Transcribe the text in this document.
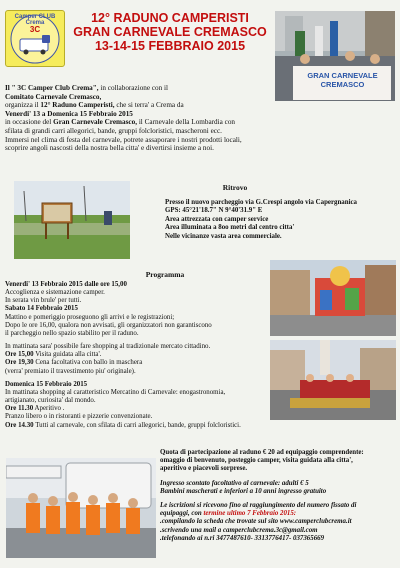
3C
Camper CLUB Crema	12° RADUNO CAMPERISTI
GRAN CARNEVALE CREMASCO
13-14-15 FEBBRAIO 2015
GRAN CARNEVALE
CREMASCO
Il " 3C Camper Club Crema", in collaborazione con il
Comitato Carnevale Cremasco,
organizza il 12° Raduno Camperisti, che si terra' a Crema da
Venerdi' 13 a Domenica 15 Febbraio 2015
in occasione del Gran Carnevale Cremasco, il Carnevale della Lombardia con
sfilata di grandi carri allegorici, bande, gruppi folcloristici, mascheroni ecc.
Immersi nel clima di festa del carnevale, potrete assaporare i nostri prodotti locali,
scoprire angoli nascosti della nostra bella citta' e divertirsi insieme a noi.
Ritrovo
Presso il nuovo parcheggio via G.Crespi angolo via Capergnanica
GPS: 45°21'18.7" N 9°40'31.9" E
Area attrezzata con camper service
Area illuminata a 8oo metri dal centro citta'
Nelle vicinanze vasta area commerciale.
Programma

Venerdi' 13 Febbraio 2015 dalle ore 15,00

Accoglienza e sistemazione camper.

In serata vin brule' per tutti.

Sabato 14 Febbraio 2015

Mattino e pomeriggio proseguono gli arrivi e le registrazioni;

Dopo le ore 16,00, qualora non avvisati, gli organizzatori non garantiscono

il parcheggio nello spazio stabilito per il raduno.

In mattinata sara' possibile fare shopping al tradizionale mercato cittadino.

Ore 15,00 Visita guidata alla citta'.

Ore 19,30 Cena facoltativa con ballo in maschera

(verra' premiato il travestimento piu' originale).

Domenica 15 Febbraio 2015

In mattinata shopping al caratteristico Mercatino di Carnevale: enogastronomia,

artigianato, curiosita' dal mondo.

Ore 11.30 Aperitivo .

Pranzo libero o in ristoranti e pizzerie convenzionate.

Ore 14.30 Tutti al carnevale, con sfilata di carri allegorici, bande, gruppi folcloristici.

Quota di partecipazione al raduno € 20 ad equipaggio comprendente:

omaggio di benvenuto, posteggio camper, visita guidata alla citta',

aperitivo e piacevoli sorprese.

Ingresso scontato facoltativo al carnevale: adulti € 5

Bambini mascherati e inferiori a 10 anni ingresso gratuito

Le iscrizioni si ricevono fino al raggiungimento del numero fissato di

equipaggi, con termine ultimo 7 Febbraio 2015:

.compilando la scheda che trovate sul sito www.camperclubcrema.it

.scrivendo una mail a camperclubcrema.3c@gmail.com

.telefonando ai n.ri 3477487610- 3313776417- 037365669
